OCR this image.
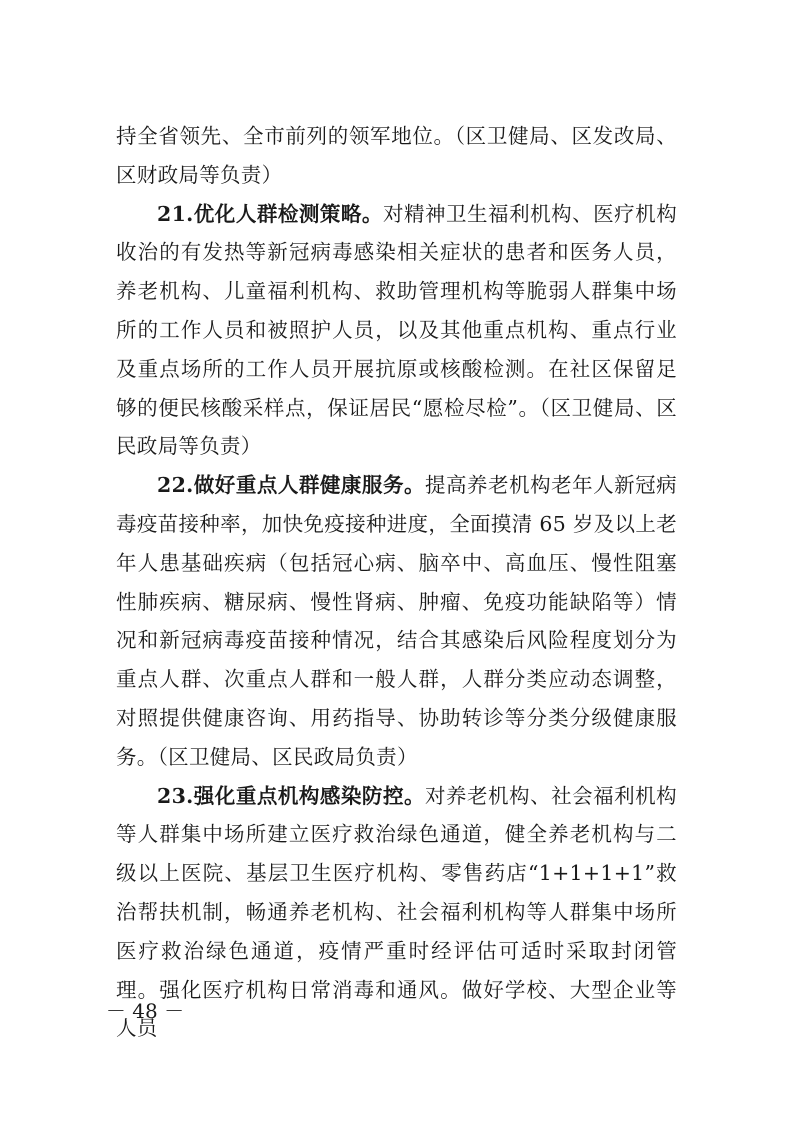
持全省领先、全市前列的领军地位。（区卫健局、区发改局、区财政局等负责）

21.优化人群检测策略。对精神卫生福利机构、医疗机构收治的有发热等新冠病毒感染相关症状的患者和医务人员，养老机构、儿童福利机构、救助管理机构等脆弱人群集中场所的工作人员和被照护人员，以及其他重点机构、重点行业及重点场所的工作人员开展抗原或核酸检测。在社区保留足够的便民核酸采样点，保证居民“愿检尽检”。（区卫健局、区民政局等负责）

22.做好重点人群健康服务。提高养老机构老年人新冠病毒疫苗接种率，加快免疫接种进度，全面摸清 65 岁及以上老年人患基础疾病（包括冠心病、脑卒中、高血压、慢性阻塞性肺疾病、糖尿病、慢性肾病、肿瘤、免疫功能缺陷等）情况和新冠病毒疫苗接种情况，结合其感染后风险程度划分为重点人群、次重点人群和一般人群，人群分类应动态调整，对照提供健康咨询、用药指导、协助转诊等分类分级健康服务。（区卫健局、区民政局负责）

23.强化重点机构感染防控。对养老机构、社会福利机构等人群集中场所建立医疗救治绿色通道，健全养老机构与二级以上医院、基层卫生医疗机构、零售药店“1+1+1+1”救治帮扶机制，畅通养老机构、社会福利机构等人群集中场所医疗救治绿色通道，疫情严重时经评估可适时采取封闭管理。强化医疗机构日常消毒和通风。做好学校、大型企业等人员

－ 48 －
